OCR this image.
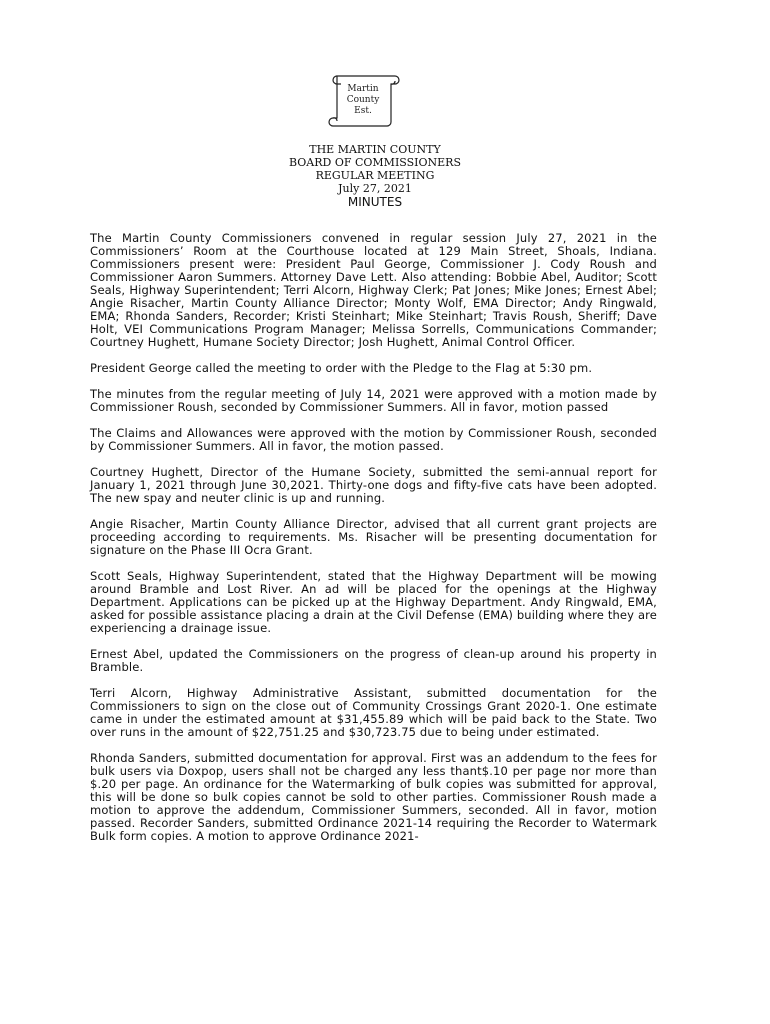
Martin
County
Est.
THE MARTIN COUNTY
BOARD OF COMMISSIONERS
REGULAR MEETING
July 27, 2021
MINUTES

The Martin County Commissioners convened in regular session July 27, 2021 in the Commissioners’ Room at the Courthouse located at 129 Main Street, Shoals, Indiana. Commissioners present were: President Paul George, Commissioner J. Cody Roush and Commissioner Aaron Summers. Attorney Dave Lett. Also attending: Bobbie Abel, Auditor; Scott Seals, Highway Superintendent; Terri Alcorn, Highway Clerk; Pat Jones; Mike Jones; Ernest Abel; Angie Risacher, Martin County Alliance Director; Monty Wolf, EMA Director; Andy Ringwald, EMA; Rhonda Sanders, Recorder; Kristi Steinhart; Mike Steinhart; Travis Roush, Sheriff; Dave Holt, VEI Communications Program Manager; Melissa Sorrells, Communications Commander; Courtney Hughett, Humane Society Director; Josh Hughett, Animal Control Officer.

President George called the meeting to order with the Pledge to the Flag at 5:30 pm.

The minutes from the regular meeting of July 14, 2021 were approved with a motion made by Commissioner Roush, seconded by Commissioner Summers. All in favor, motion passed

The Claims and Allowances were approved with the motion by Commissioner Roush, seconded by Commissioner Summers. All in favor, the motion passed.

Courtney Hughett, Director of the Humane Society, submitted the semi-annual report for January 1, 2021 through June 30,2021. Thirty-one dogs and fifty-five cats have been adopted. The new spay and neuter clinic is up and running.

Angie Risacher, Martin County Alliance Director, advised that all current grant projects are proceeding according to requirements. Ms. Risacher will be presenting documentation for signature on the Phase III Ocra Grant.

Scott Seals, Highway Superintendent, stated that the Highway Department will be mowing around Bramble and Lost River. An ad will be placed for the openings at the Highway Department. Applications can be picked up at the Highway Department. Andy Ringwald, EMA, asked for possible assistance placing a drain at the Civil Defense (EMA) building where they are experiencing a drainage issue.

Ernest Abel, updated the Commissioners on the progress of clean-up around his property in Bramble.

Terri Alcorn, Highway Administrative Assistant, submitted documentation for the Commissioners to sign on the close out of Community Crossings Grant 2020-1. One estimate came in under the estimated amount at $31,455.89 which will be paid back to the State. Two over runs in the amount of $22,751.25 and $30,723.75 due to being under estimated.

Rhonda Sanders, submitted documentation for approval. First was an addendum to the fees for bulk users via Doxpop, users shall not be charged any less thant$.10 per page nor more than $.20 per page. An ordinance for the Watermarking of bulk copies was submitted for approval, this will be done so bulk copies cannot be sold to other parties. Commissioner Roush made a motion to approve the addendum, Commissioner Summers, seconded. All in favor, motion passed. Recorder Sanders, submitted Ordinance 2021-14 requiring the Recorder to Watermark Bulk form copies. A motion to approve Ordinance 2021-
